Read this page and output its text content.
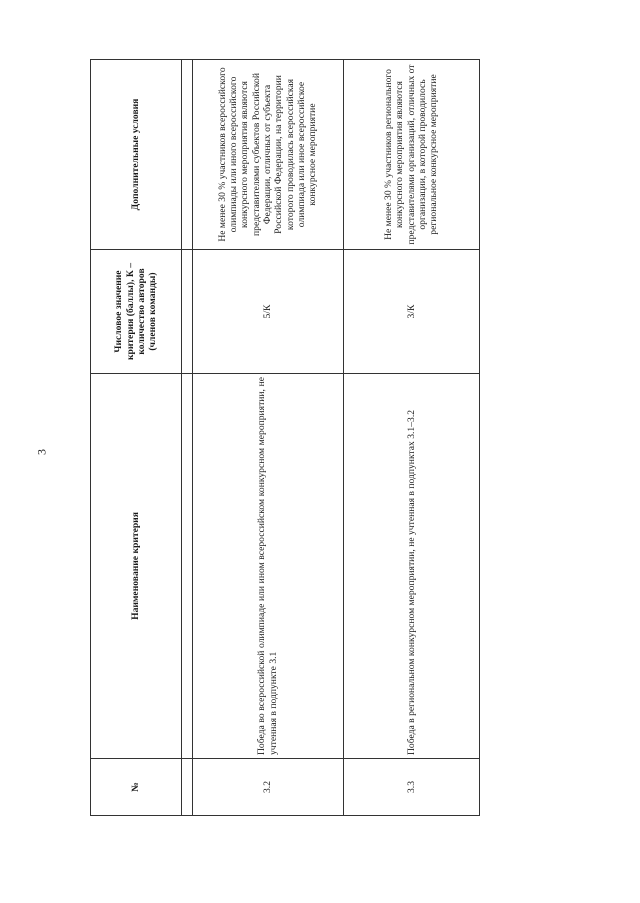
3
№	Наименование критерия	Числовое значение критерия (баллы), К – количество авторов (членов команды)	Дополнительные условия

3.2	Победа во всероссийской олимпиаде или ином всероссийском конкурсном мероприятии, не учтенная в подпункте 3.1	5/К	Не менее 30 % участников всероссийского олимпиады или иного всероссийского конкурсного мероприятия являются представителями субъектов Российской Федерации, отличных от субъекта Российской Федерации, на территории которого проводилась всероссийская олимпиада или иное всероссийское конкурсное мероприятие
3.3	Победа в региональном конкурсном мероприятии, не учтенная в подпунктах 3.1–3.2	3/К	Не менее 30 % участников регионального конкурсного мероприятия являются представителями организаций, отличных от организации, в которой проводилось региональное конкурсное мероприятие
